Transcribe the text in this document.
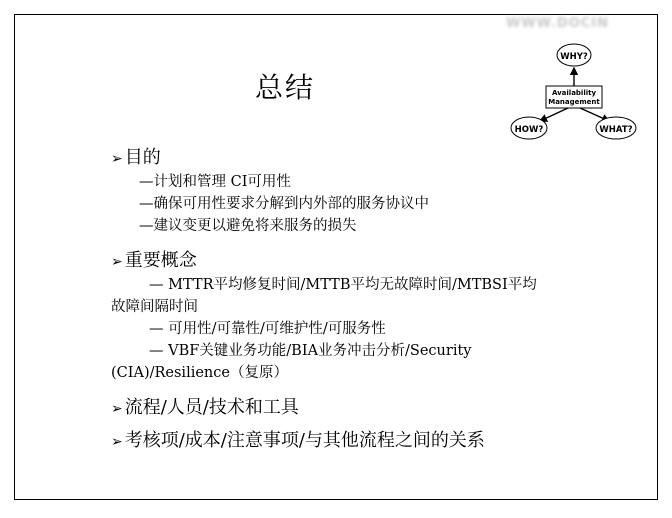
WWW.DOCIN
总结
WHY?
Availability
Management
HOW?	WHAT?
➢ 目的
—计划和管理 CI可用性
—确保可用性要求分解到内外部的服务协议中
—建议变更以避免将来服务的损失
➢ 重要概念
— MTTR平均修复时间/MTTB平均无故障时间/MTBSI平均
故障间隔时间
— 可用性/可靠性/可维护性/可服务性
— VBF关键业务功能/BIA业务冲击分析/Security
(CIA)/Resilience（复原）
➢ 流程/人员/技术和工具
➢ 考核项/成本/注意事项/与其他流程之间的关系
